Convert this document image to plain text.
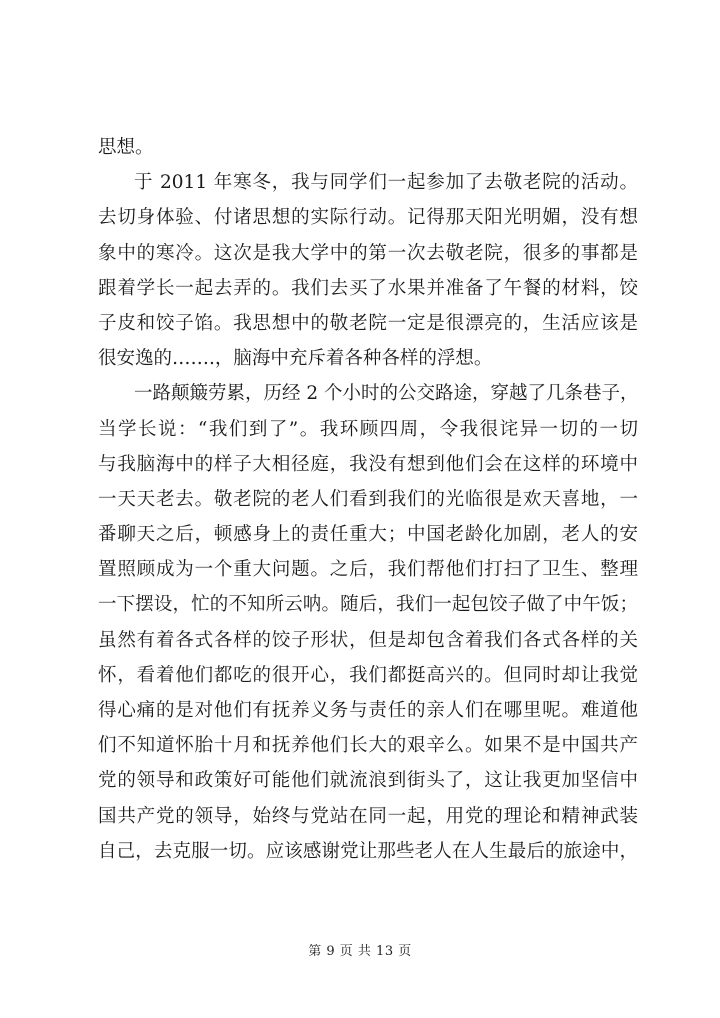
思想。
于 2011 年寒冬，我与同学们一起参加了去敬老院的活动。
去切身体验、付诸思想的实际行动。记得那天阳光明媚，没有想
象中的寒冷。这次是我大学中的第一次去敬老院，很多的事都是
跟着学长一起去弄的。我们去买了水果并准备了午餐的材料，饺
子皮和饺子馅。我思想中的敬老院一定是很漂亮的，生活应该是
很安逸的…….，脑海中充斥着各种各样的浮想。
一路颠簸劳累，历经 2 个小时的公交路途，穿越了几条巷子，
当学长说：“我们到了”。我环顾四周，令我很诧异一切的一切
与我脑海中的样子大相径庭，我没有想到他们会在这样的环境中
一天天老去。敬老院的老人们看到我们的光临很是欢天喜地，一
番聊天之后，顿感身上的责任重大；中国老龄化加剧，老人的安
置照顾成为一个重大问题。之后，我们帮他们打扫了卫生、整理
一下摆设，忙的不知所云呐。随后，我们一起包饺子做了中午饭；
虽然有着各式各样的饺子形状，但是却包含着我们各式各样的关
怀，看着他们都吃的很开心，我们都挺高兴的。但同时却让我觉
得心痛的是对他们有抚养义务与责任的亲人们在哪里呢。难道他
们不知道怀胎十月和抚养他们长大的艰辛么。如果不是中国共产
党的领导和政策好可能他们就流浪到街头了，这让我更加坚信中
国共产党的领导，始终与党站在同一起，用党的理论和精神武装
自己，去克服一切。应该感谢党让那些老人在人生最后的旅途中，
第 9 页 共 13 页
